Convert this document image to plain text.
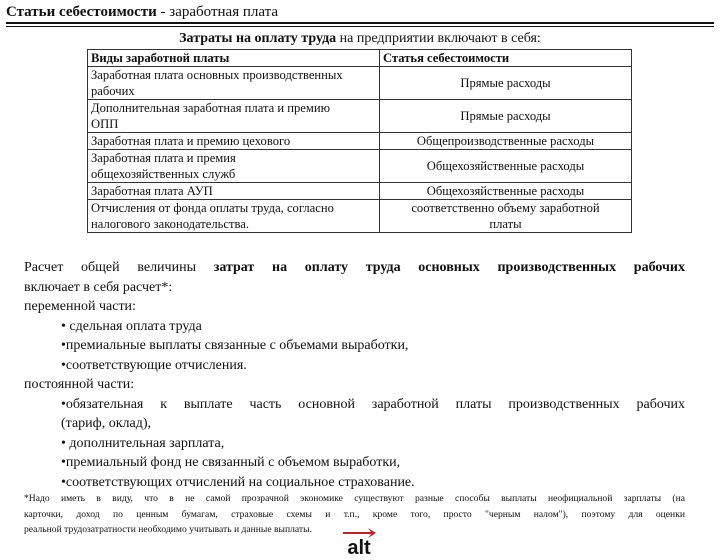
Статьи себестоимости - заработная плата
Затраты на оплату труда на предприятии включают в себя:
Виды заработной платы	Статья себестоимости
Заработная плата основных производственных
рабочих	Прямые расходы
Дополнительная заработная плата и премию
ОПП	Прямые расходы
Заработная плата и премию цехового	Общепроизводственные расходы
Заработная плата и премия
общехозяйственных служб	Общехозяйственные расходы
Заработная плата АУП	Общехозяйственные расходы
Отчисления от фонда оплаты труда, согласно
налогового законодательства.	соответственно объему заработной
платы

Расчет общей величины затрат на оплату труда основных производственных рабочих

включает в себя расчет*:

переменной части:

• сдельная оплата труда

•премиальные выплаты связанные с объемами выработки,

•соответствующие отчисления.

постоянной части:

•обязательная к выплате часть основной заработной платы производственных рабочих

(тариф, оклад),

• дополнительная зарплата,

•премиальный фонд не связанный с объемом выработки,

•соответствующих отчислений на социальное страхование.

*Надо иметь в виду, что в не самой прозрачной экономике существуют разные способы выплаты неофициальной зарплаты (на

карточки, доход по ценным бумагам, страховые схемы и т.п., кроме того, просто "черным налом"), поэтому для оценки

реальной трудозатратности необходимо учитывать и данные выплаты.

alt
